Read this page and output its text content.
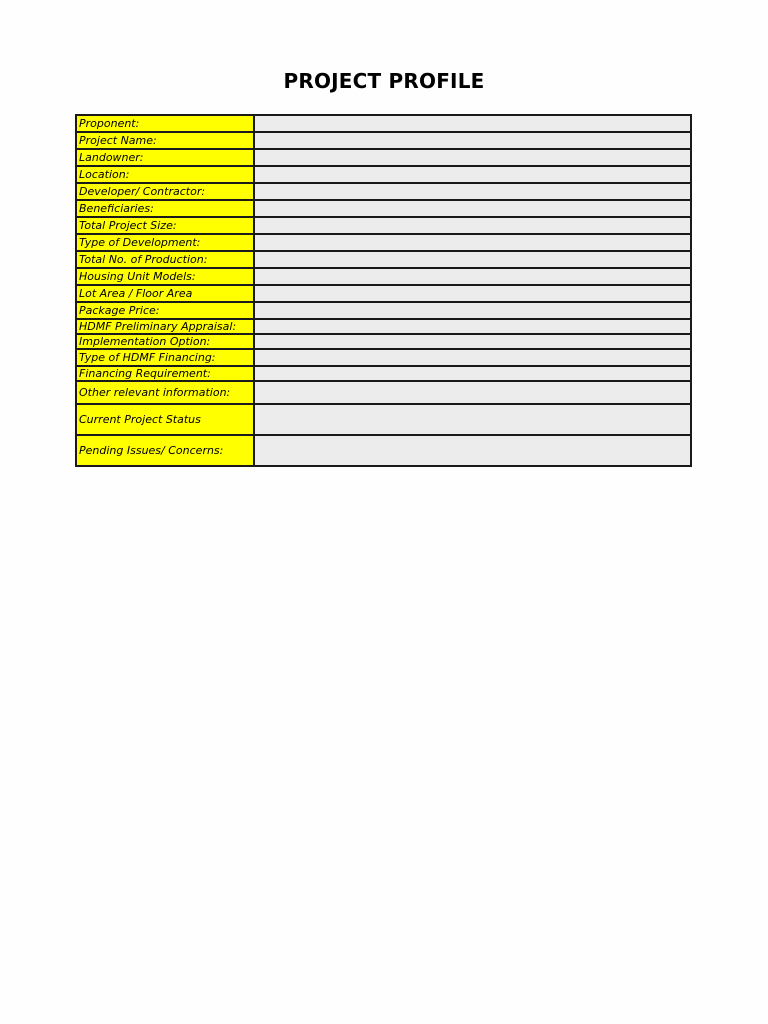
PROJECT PROFILE
Proponent:	
Project Name:	
Landowner:	
Location:	
Developer/ Contractor:	
Beneficiaries:	
Total Project Size:	
Type of Development:	
Total No. of Production:	
Housing Unit Models:	
Lot Area / Floor Area	
Package Price:	
HDMF Preliminary Appraisal:	
Implementation Option:	
Type of HDMF Financing:	
Financing Requirement:	
Other relevant information:	
Current Project Status	
Pending Issues/ Concerns:	
